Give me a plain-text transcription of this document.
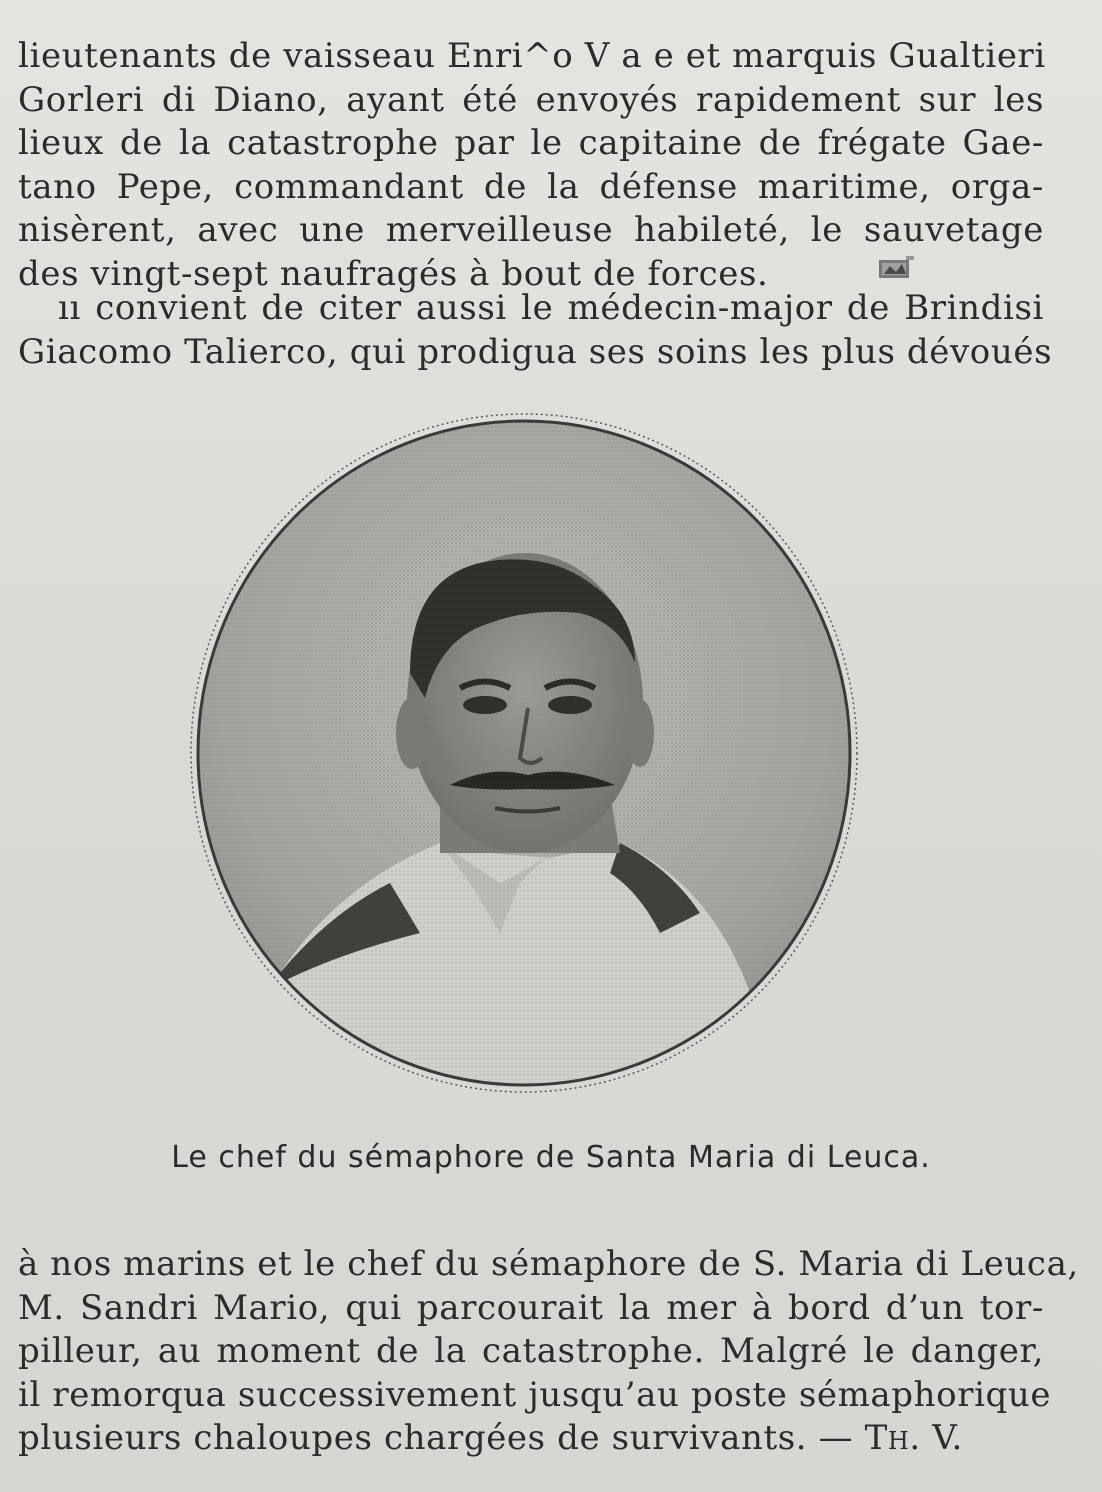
lieutenants de vaisseau Enri^o V a e et marquis Gualtieri
Gorleri di Diano, ayant été envoyés rapidement sur les
lieux de la catastrophe par le capitaine de frégate Gae-
tano Pepe, commandant de la défense maritime, orga-
nisèrent, avec une merveilleuse habileté, le sauvetage
des vingt-sept naufragés à bout de forces.
ıı convient de citer aussi le médecin-major de Brindisi
Giacomo Talierco, qui prodigua ses soins les plus dévoués
Le chef du sémaphore de Santa Maria di Leuca.
à nos marins et le chef du sémaphore de S. Maria di Leuca,
M. Sandri Mario, qui parcourait la mer à bord d’un tor-
pilleur, au moment de la catastrophe. Malgré le danger,
il remorqua successivement jusqu’au poste sémaphorique
plusieurs chaloupes chargées de survivants. — Th. V.
